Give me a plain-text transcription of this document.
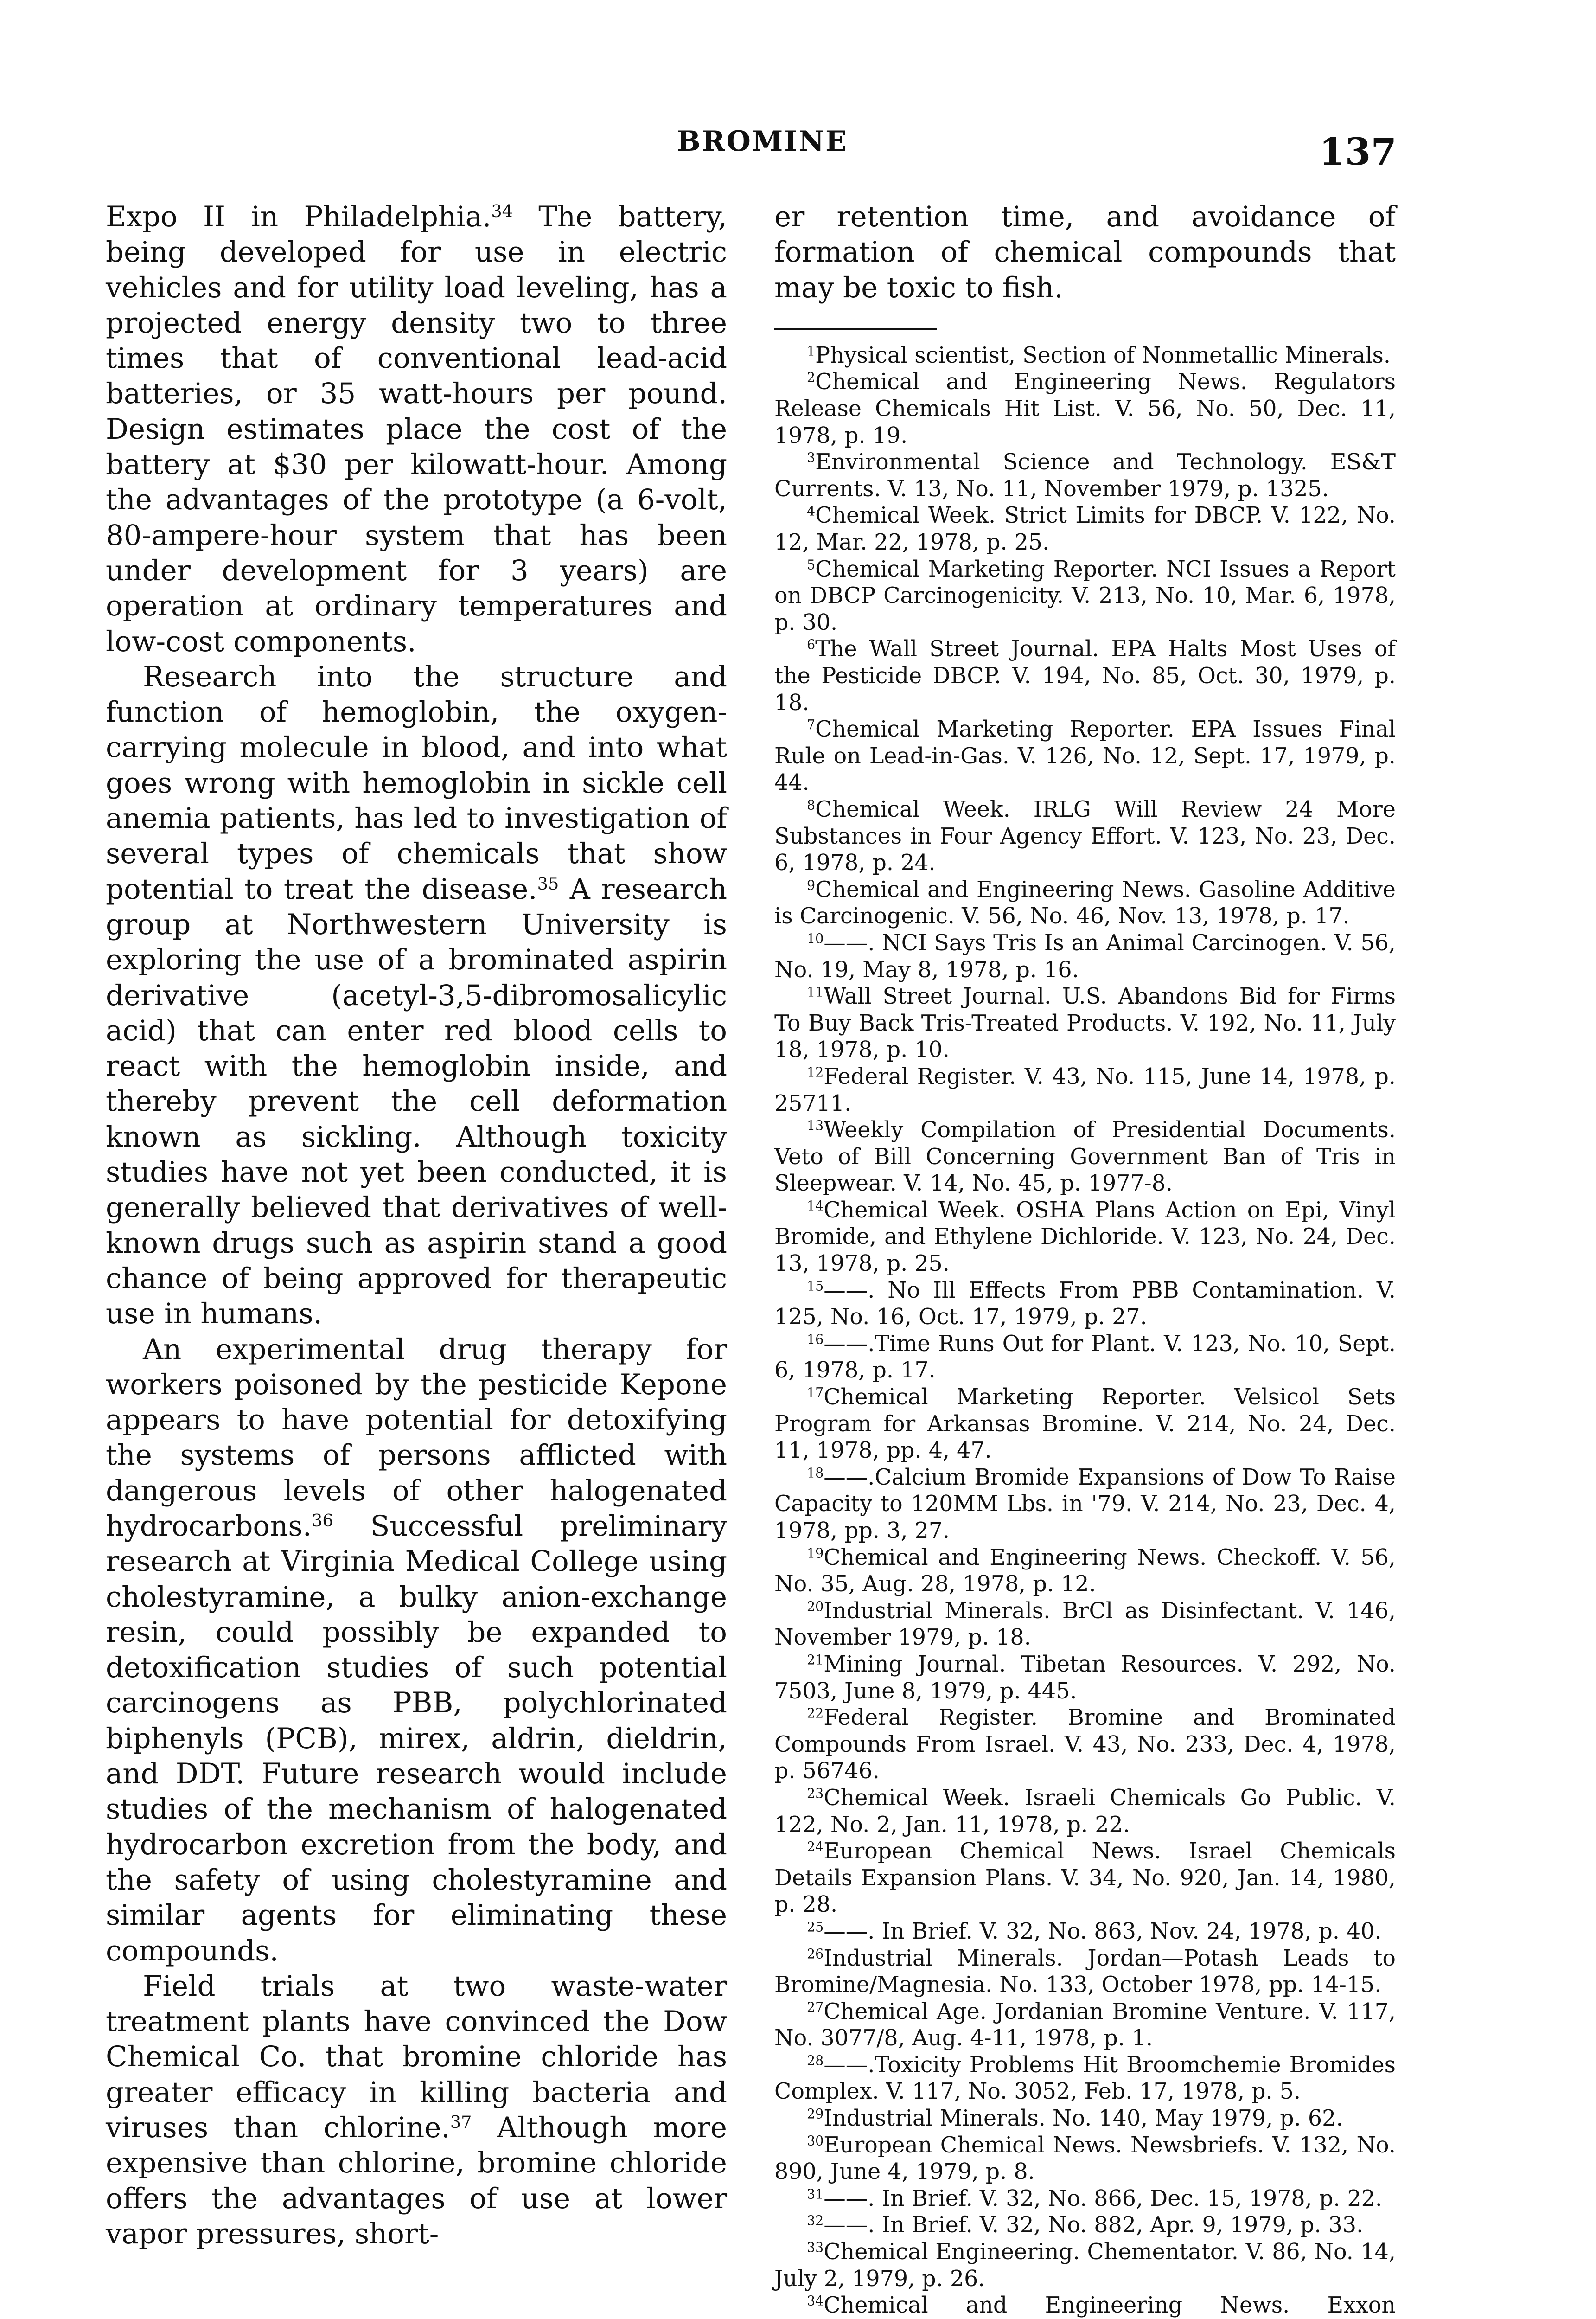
BROMINE	137

Expo II in Philadelphia.$^{34}$ The battery, being developed for use in electric vehicles and for utility load leveling, has a projected energy density two to three times that of conventional lead-acid batteries, or 35 watt-hours per pound. Design estimates place the cost of the battery at $30 per kilowatt-hour. Among the advantages of the prototype (a 6-volt, 80-ampere-hour system that has been under development for 3 years) are operation at ordinary temperatures and low-cost components.

Research into the structure and function of hemoglobin, the oxygen-carrying molecule in blood, and into what goes wrong with hemoglobin in sickle cell anemia patients, has led to investigation of several types of chemicals that show potential to treat the disease.$^{35}$ A research group at Northwestern University is exploring the use of a brominated aspirin derivative (acetyl-3,5-dibromosalicylic acid) that can enter red blood cells to react with the hemoglobin inside, and thereby prevent the cell deformation known as sickling. Although toxicity studies have not yet been conducted, it is generally believed that derivatives of well-known drugs such as aspirin stand a good chance of being approved for therapeutic use in humans.

An experimental drug therapy for workers poisoned by the pesticide Kepone appears to have potential for detoxifying the systems of persons afflicted with dangerous levels of other halogenated hydrocarbons.$^{36}$ Successful preliminary research at Virginia Medical College using cholestyramine, a bulky anion-exchange resin, could possibly be expanded to detoxification studies of such potential carcinogens as PBB, polychlorinated biphenyls (PCB), mirex, aldrin, dieldrin, and DDT. Future research would include studies of the mechanism of halogenated hydrocarbon excretion from the body, and the safety of using cholestyramine and similar agents for eliminating these compounds.

Field trials at two waste-water treatment plants have convinced the Dow Chemical Co. that bromine chloride has greater efficacy in killing bacteria and viruses than chlorine.$^{37}$ Although more expensive than chlorine, bromine chloride offers the advantages of use at lower vapor pressures, short-

er retention time, and avoidance of formation of chemical compounds that may be toxic to fish.

$^1$Physical scientist, Section of Nonmetallic Minerals.
$^2$Chemical and Engineering News. Regulators Release Chemicals Hit List. V. 56, No. 50, Dec. 11, 1978, p. 19.
$^3$Environmental Science and Technology. ES&T Currents. V. 13, No. 11, November 1979, p. 1325.
$^4$Chemical Week. Strict Limits for DBCP. V. 122, No. 12, Mar. 22, 1978, p. 25.
$^5$Chemical Marketing Reporter. NCI Issues a Report on DBCP Carcinogenicity. V. 213, No. 10, Mar. 6, 1978, p. 30.
$^6$The Wall Street Journal. EPA Halts Most Uses of the Pesticide DBCP. V. 194, No. 85, Oct. 30, 1979, p. 18.
$^7$Chemical Marketing Reporter. EPA Issues Final Rule on Lead-in-Gas. V. 126, No. 12, Sept. 17, 1979, p. 44.
$^8$Chemical Week. IRLG Will Review 24 More Substances in Four Agency Effort. V. 123, No. 23, Dec. 6, 1978, p. 24.
$^9$Chemical and Engineering News. Gasoline Additive is Carcinogenic. V. 56, No. 46, Nov. 13, 1978, p. 17.
$^{10}$——. NCI Says Tris Is an Animal Carcinogen. V. 56, No. 19, May 8, 1978, p. 16.
$^{11}$Wall Street Journal. U.S. Abandons Bid for Firms To Buy Back Tris-Treated Products. V. 192, No. 11, July 18, 1978, p. 10.
$^{12}$Federal Register. V. 43, No. 115, June 14, 1978, p. 25711.
$^{13}$Weekly Compilation of Presidential Documents. Veto of Bill Concerning Government Ban of Tris in Sleepwear. V. 14, No. 45, p. 1977-8.
$^{14}$Chemical Week. OSHA Plans Action on Epi, Vinyl Bromide, and Ethylene Dichloride. V. 123, No. 24, Dec. 13, 1978, p. 25.
$^{15}$——. No Ill Effects From PBB Contamination. V. 125, No. 16, Oct. 17, 1979, p. 27.
$^{16}$——.Time Runs Out for Plant. V. 123, No. 10, Sept. 6, 1978, p. 17.
$^{17}$Chemical Marketing Reporter. Velsicol Sets Program for Arkansas Bromine. V. 214, No. 24, Dec. 11, 1978, pp. 4, 47.
$^{18}$——.Calcium Bromide Expansions of Dow To Raise Capacity to 120MM Lbs. in '79. V. 214, No. 23, Dec. 4, 1978, pp. 3, 27.
$^{19}$Chemical and Engineering News. Checkoff. V. 56, No. 35, Aug. 28, 1978, p. 12.
$^{20}$Industrial Minerals. BrCl as Disinfectant. V. 146, November 1979, p. 18.
$^{21}$Mining Journal. Tibetan Resources. V. 292, No. 7503, June 8, 1979, p. 445.
$^{22}$Federal Register. Bromine and Brominated Compounds From Israel. V. 43, No. 233, Dec. 4, 1978, p. 56746.
$^{23}$Chemical Week. Israeli Chemicals Go Public. V. 122, No. 2, Jan. 11, 1978, p. 22.
$^{24}$European Chemical News. Israel Chemicals Details Expansion Plans. V. 34, No. 920, Jan. 14, 1980, p. 28.
$^{25}$——. In Brief. V. 32, No. 863, Nov. 24, 1978, p. 40.
$^{26}$Industrial Minerals. Jordan—Potash Leads to Bromine/Magnesia. No. 133, October 1978, pp. 14-15.
$^{27}$Chemical Age. Jordanian Bromine Venture. V. 117, No. 3077/8, Aug. 4-11, 1978, p. 1.
$^{28}$——.Toxicity Problems Hit Broomchemie Bromides Complex. V. 117, No. 3052, Feb. 17, 1978, p. 5.
$^{29}$Industrial Minerals. No. 140, May 1979, p. 62.
$^{30}$European Chemical News. Newsbriefs. V. 132, No. 890, June 4, 1979, p. 8.
$^{31}$——. In Brief. V. 32, No. 866, Dec. 15, 1978, p. 22.
$^{32}$——. In Brief. V. 32, No. 882, Apr. 9, 1979, p. 33.
$^{33}$Chemical Engineering. Chementator. V. 86, No. 14, July 2, 1979, p. 26.
$^{34}$Chemical and Engineering News. Exxon
